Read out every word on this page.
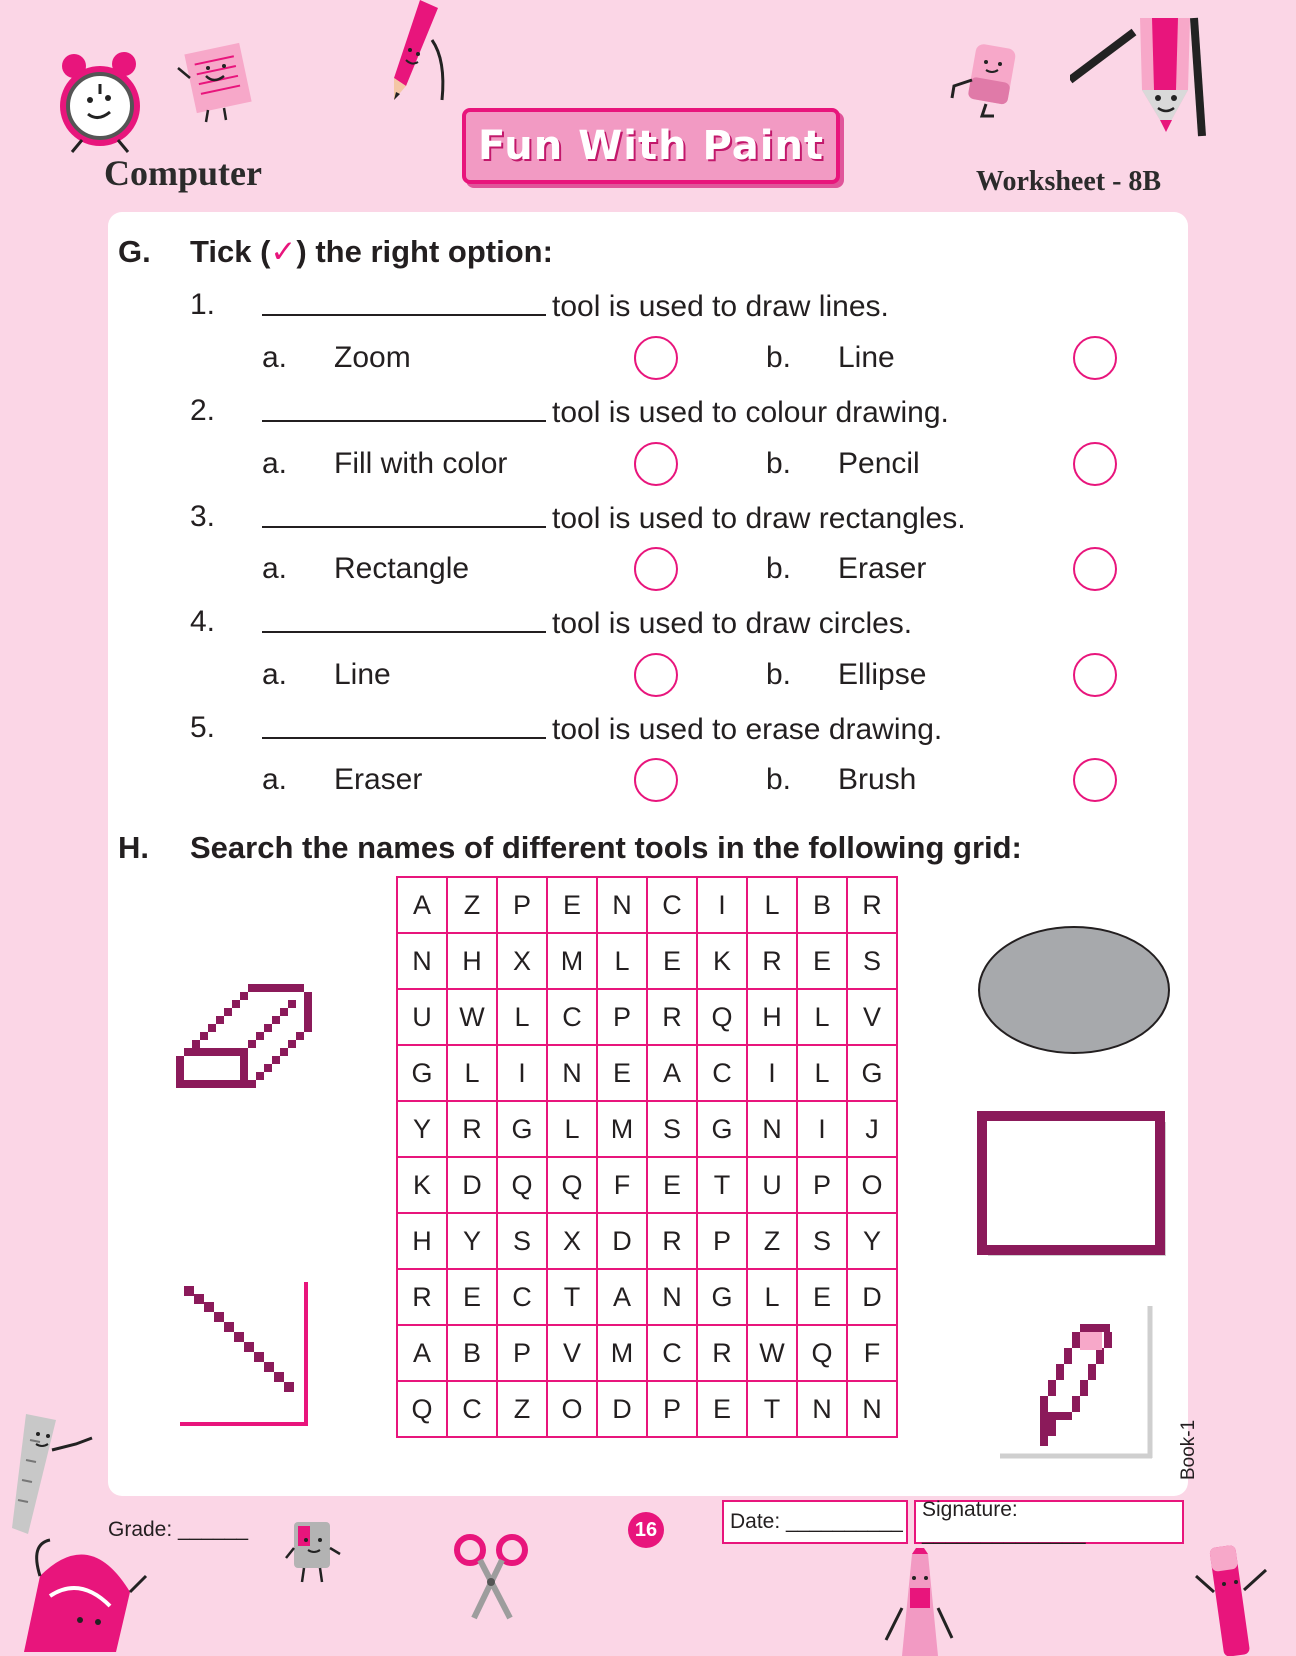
Computer
Fun With Paint
Worksheet - 8B
G. Tick (✓) the right option:
1.	tool is used to draw lines.
a. Zoom	b. Line
2.	tool is used to colour drawing.
a. Fill with color	b. Pencil
3.	tool is used to draw rectangles.
a. Rectangle	b. Eraser
4.	tool is used to draw circles.
a. Line	b. Ellipse
5.	tool is used to erase drawing.
a. Eraser	b. Brush
H. Search the names of different tools in the following grid:
A	Z	P	E	N	C	I	L	B	R
N	H	X	M	L	E	K	R	E	S
U	W	L	C	P	R	Q	H	L	V
G	L	I	N	E	A	C	I	L	G
Y	R	G	L	M	S	G	N	I	J
K	D	Q	Q	F	E	T	U	P	O
H	Y	S	X	D	R	P	Z	S	Y
R	E	C	T	A	N	G	L	E	D
A	B	P	V	M	C	R	W	Q	F
Q	C	Z	O	D	P	E	T	N	N
Grade: ______	16	Date: __________
Signature: ______________
Book-1
